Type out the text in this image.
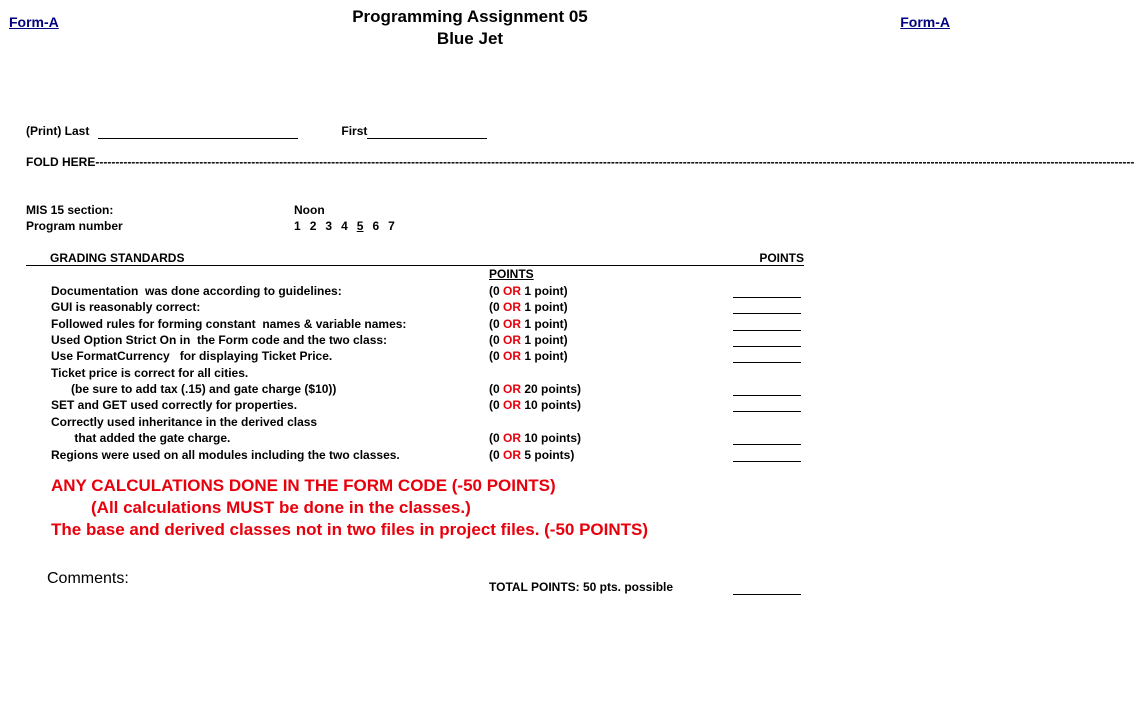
Form-A	Form-A
Programming Assignment 05
Blue Jet
(Print) Last	First
FOLD HERE--------------------------------------------------------------------------------------------------------------------------------------------------------------------------------------------------------------------------------------------------------------------
MIS 15 section:	Noon
Program number	1 2 3 4 5 6 7
GRADING STANDARDS	POINTS
POINTS
Documentation  was done according to guidelines:	(0 OR 1 point)
GUI is reasonably correct:	(0 OR 1 point)
Followed rules for forming constant  names & variable names:	(0 OR 1 point)
Used Option Strict On in  the Form code and the two class:	(0 OR 1 point)
Use FormatCurrency   for displaying Ticket Price.	(0 OR 1 point)
Ticket price is correct for all cities.
(be sure to add tax (.15) and gate charge ($10))	(0 OR 20 points)
SET and GET used correctly for properties.	(0 OR 10 points)
Correctly used inheritance in the derived class
that added the gate charge.	(0 OR 10 points)
Regions were used on all modules including the two classes.	(0 OR 5 points)
ANY CALCULATIONS DONE IN THE FORM CODE (-50 POINTS)
(All calculations MUST be done in the classes.)
The base and derived classes not in two files in project files. (-50 POINTS)
Comments:	TOTAL POINTS: 50 pts. possible
